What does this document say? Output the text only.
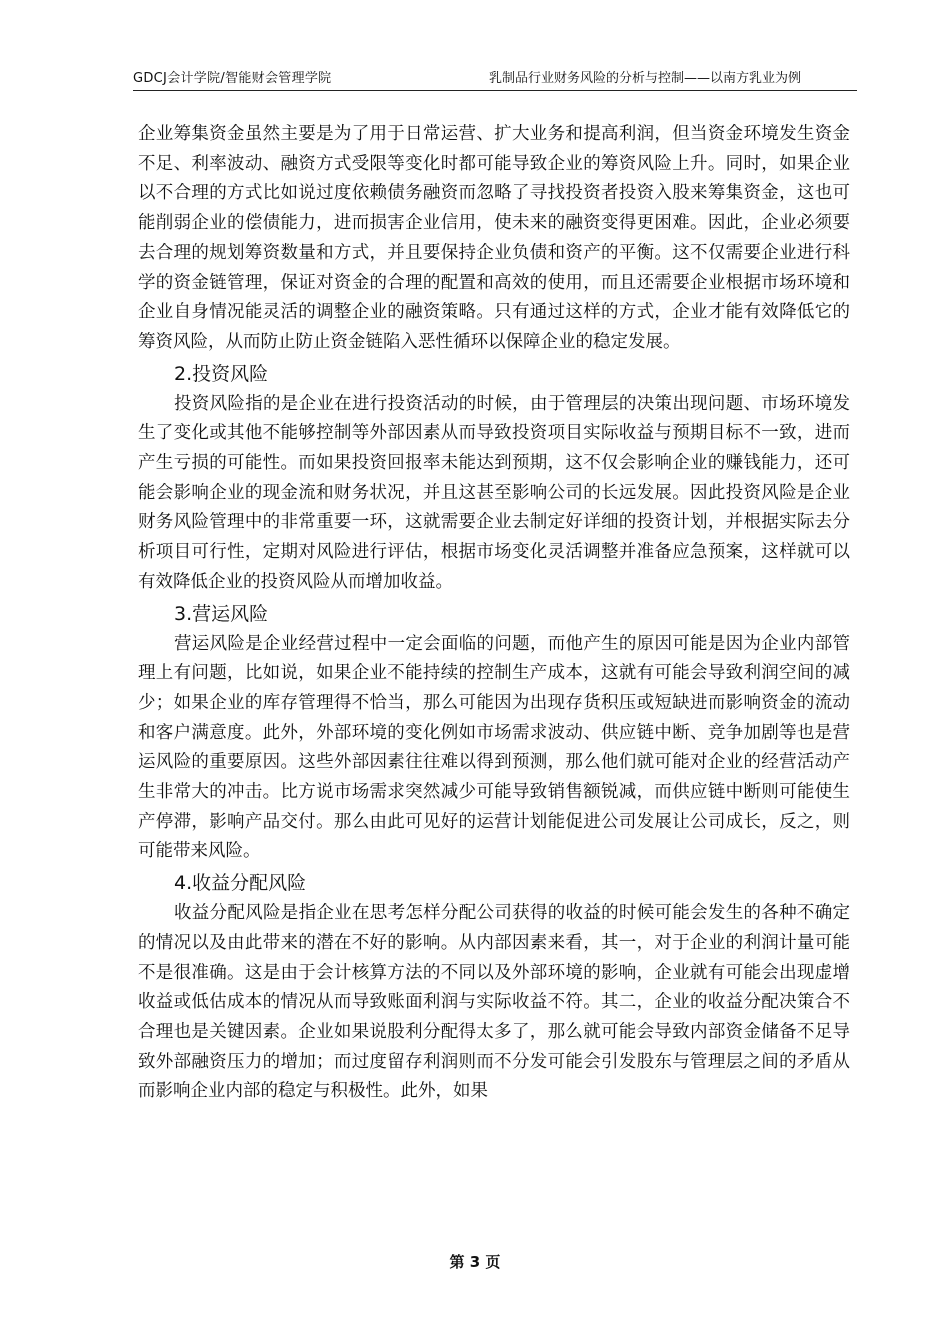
GDCJ会计学院/智能财会管理学院	乳制品行业财务风险的分析与控制——以南方乳业为例

企业筹集资金虽然主要是为了用于日常运营、扩大业务和提高利润，但当资金环境发生资金不足、利率波动、融资方式受限等变化时都可能导致企业的筹资风险上升。同时，如果企业以不合理的方式比如说过度依赖债务融资而忽略了寻找投资者投资入股来筹集资金，这也可能削弱企业的偿债能力，进而损害企业信用，使未来的融资变得更困难。因此，企业必须要去合理的规划筹资数量和方式，并且要保持企业负债和资产的平衡。这不仅需要企业进行科学的资金链管理，保证对资金的合理的配置和高效的使用，而且还需要企业根据市场环境和企业自身情况能灵活的调整企业的融资策略。只有通过这样的方式，企业才能有效降低它的筹资风险，从而防止防止资金链陷入恶性循环以保障企业的稳定发展。

2.投资风险

投资风险指的是企业在进行投资活动的时候，由于管理层的决策出现问题、市场环境发生了变化或其他不能够控制等外部因素从而导致投资项目实际收益与预期目标不一致，进而产生亏损的可能性。而如果投资回报率未能达到预期，这不仅会影响企业的赚钱能力，还可能会影响企业的现金流和财务状况，并且这甚至影响公司的长远发展。因此投资风险是企业财务风险管理中的非常重要一环，这就需要企业去制定好详细的投资计划，并根据实际去分析项目可行性，定期对风险进行评估，根据市场变化灵活调整并准备应急预案，这样就可以有效降低企业的投资风险从而增加收益。

3.营运风险

营运风险是企业经营过程中一定会面临的问题，而他产生的原因可能是因为企业内部管理上有问题，比如说，如果企业不能持续的控制生产成本，这就有可能会导致利润空间的减少；如果企业的库存管理得不恰当，那么可能因为出现存货积压或短缺进而影响资金的流动和客户满意度。此外，外部环境的变化例如市场需求波动、供应链中断、竞争加剧等也是营运风险的重要原因。这些外部因素往往难以得到预测，那么他们就可能对企业的经营活动产生非常大的冲击。比方说市场需求突然减少可能导致销售额锐减，而供应链中断则可能使生产停滞，影响产品交付。那么由此可见好的运营计划能促进公司发展让公司成长，反之，则可能带来风险。

4.收益分配风险

收益分配风险是指企业在思考怎样分配公司获得的收益的时候可能会发生的各种不确定的情况以及由此带来的潜在不好的影响。从内部因素来看，其一，对于企业的利润计量可能不是很准确。这是由于会计核算方法的不同以及外部环境的影响，企业就有可能会出现虚增收益或低估成本的情况从而导致账面利润与实际收益不符。其二，企业的收益分配决策合不合理也是关键因素。企业如果说股利分配得太多了，那么就可能会导致内部资金储备不足导致外部融资压力的增加；而过度留存利润则而不分发可能会引发股东与管理层之间的矛盾从而影响企业内部的稳定与积极性。此外，如果

第 3 页
